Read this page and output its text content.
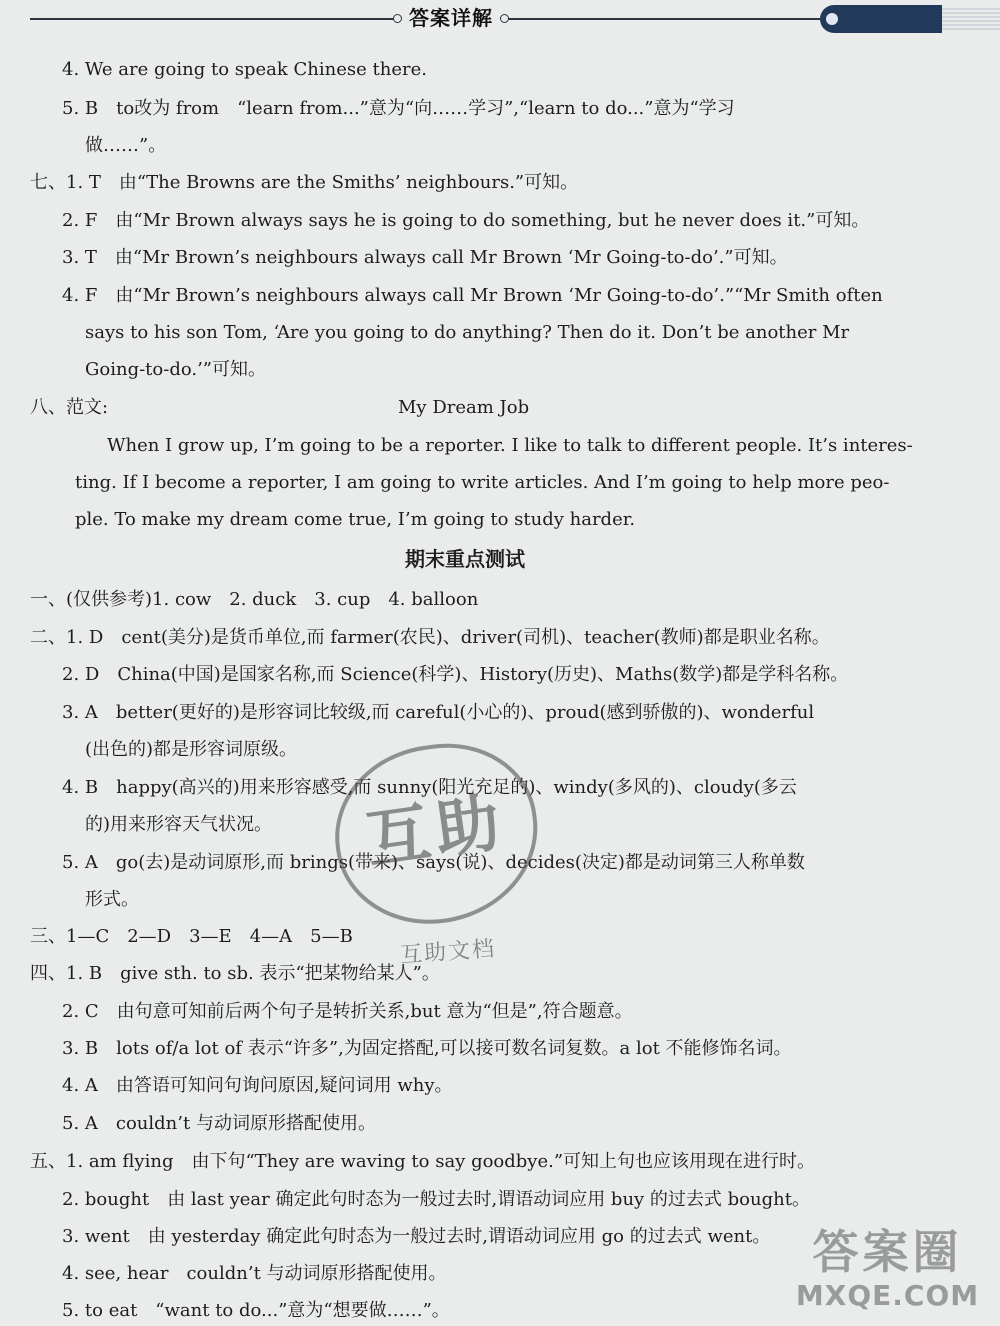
答案详解
4. We are going to speak Chinese there.
5. B　to改为 from　“learn from...”意为“向……学习”,“learn to do...”意为“学习
做……”。
七、1. T　由“The Browns are the Smiths’ neighbours.”可知。
2. F　由“Mr Brown always says he is going to do something, but he never does it.”可知。
3. T　由“Mr Brown’s neighbours always call Mr Brown ‘Mr Going-to-do’.”可知。
4. F　由“Mr Brown’s neighbours always call Mr Brown ‘Mr Going-to-do’.”“Mr Smith often
says to his son Tom, ‘Are you going to do anything? Then do it. Don’t be another Mr
Going-to-do.’”可知。
八、范文:	My Dream Job
When I grow up, I’m going to be a reporter. I like to talk to different people. It’s interes-
ting. If I become a reporter, I am going to write articles. And I’m going to help more peo-
ple. To make my dream come true, I’m going to study harder.
期末重点测试
一、(仅供参考)1. cow　2. duck　3. cup　4. balloon
二、1. D　cent(美分)是货币单位,而 farmer(农民)、driver(司机)、teacher(教师)都是职业名称。
2. D　China(中国)是国家名称,而 Science(科学)、History(历史)、Maths(数学)都是学科名称。
3. A　better(更好的)是形容词比较级,而 careful(小心的)、proud(感到骄傲的)、wonderful
(出色的)都是形容词原级。
4. B　happy(高兴的)用来形容感受,而 sunny(阳光充足的)、windy(多风的)、cloudy(多云
的)用来形容天气状况。
5. A　go(去)是动词原形,而 brings(带来)、says(说)、decides(决定)都是动词第三人称单数
形式。
三、1—C　2—D　3—E　4—A　5—B
四、1. B　give sth. to sb. 表示“把某物给某人”。
2. C　由句意可知前后两个句子是转折关系,but 意为“但是”,符合题意。
3. B　lots of/a lot of 表示“许多”,为固定搭配,可以接可数名词复数。a lot 不能修饰名词。
4. A　由答语可知问句询问原因,疑问词用 why。
5. A　couldn’t 与动词原形搭配使用。
五、1. am flying　由下句“They are waving to say goodbye.”可知上句也应该用现在进行时。
2. bought　由 last year 确定此句时态为一般过去时,谓语动词应用 buy 的过去式 bought。
3. went　由 yesterday 确定此句时态为一般过去时,谓语动词应用 go 的过去式 went。
4. see, hear　couldn’t 与动词原形搭配使用。
5. to eat　“want to do...”意为“想要做……”。
互助
互助文档
答案圈
MXQE.COM
